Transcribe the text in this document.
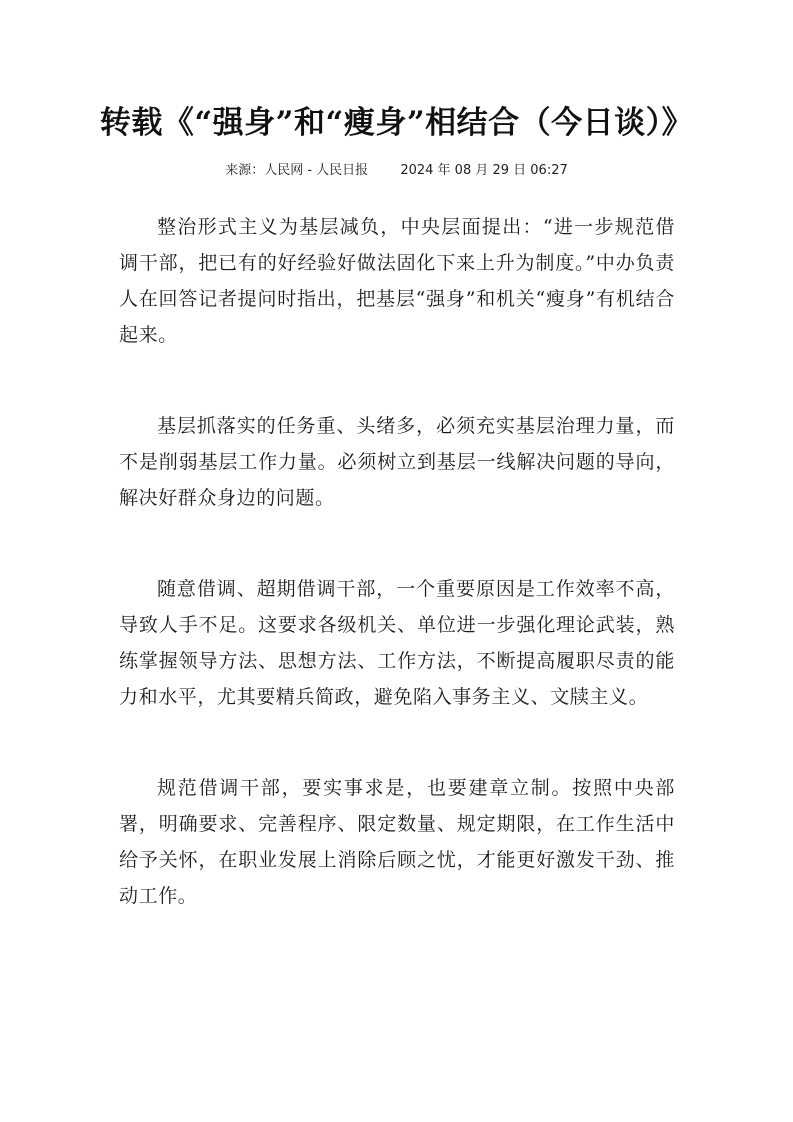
转载《“强身”和“瘦身”相结合（今日谈）》
来源：人民网 - 人民日报 2024 年 08 月 29 日 06:27

整治形式主义为基层减负，中央层面提出：“进一步规范借调干部，把已有的好经验好做法固化下来上升为制度。”中办负责人在回答记者提问时指出，把基层“强身”和机关“瘦身”有机结合起来。

基层抓落实的任务重、头绪多，必须充实基层治理力量，而不是削弱基层工作力量。必须树立到基层一线解决问题的导向，解决好群众身边的问题。

随意借调、超期借调干部，一个重要原因是工作效率不高，导致人手不足。这要求各级机关、单位进一步强化理论武装，熟练掌握领导方法、思想方法、工作方法，不断提高履职尽责的能力和水平，尤其要精兵简政，避免陷入事务主义、文牍主义。

规范借调干部，要实事求是，也要建章立制。按照中央部署，明确要求、完善程序、限定数量、规定期限，在工作生活中给予关怀，在职业发展上消除后顾之忧，才能更好激发干劲、推动工作。
